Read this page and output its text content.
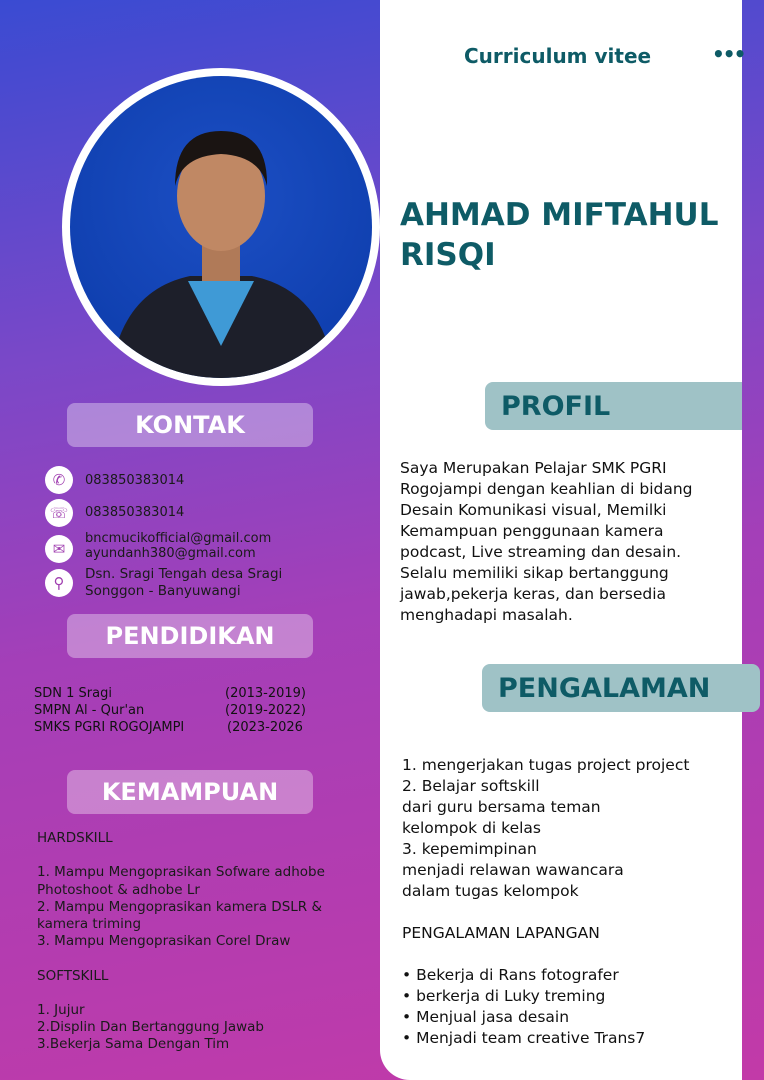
Curriculum vitee	•••
AHMAD MIFTAHUL RISQI
PROFIL
Saya Merupakan Pelajar SMK PGRI Rogojampi dengan keahlian di bidang Desain Komunikasi visual, Memilki Kemampuan penggunaan kamera podcast, Live streaming dan desain. Selalu memiliki sikap bertanggung jawab,pekerja keras, dan bersedia menghadapi masalah.
PENGALAMAN
1. mengerjakan tugas project project
2. Belajar softskill
dari guru bersama teman
kelompok di kelas
3. kepemimpinan
menjadi relawan wawancara
dalam tugas kelompok

PENGALAMAN LAPANGAN

• Bekerja di Rans fotografer
• berkerja di Luky treming
• Menjual jasa desain
• Menjadi team creative Trans7
KONTAK
✆	083850383014
☏	083850383014
✉
bncmucikofficial@gmail.com
ayundanh380@gmail.com
⚲	Dsn. Sragi Tengah desa Sragi
Songgon - Banyuwangi
PENDIDIKAN
SDN 1 Sragi	(2013-2019)
SMPN Al - Qur'an	(2019-2022)
SMKS PGRI ROGOJAMPI	(2023-2026
KEMAMPUAN
HARDSKILL

1. Mampu Mengoprasikan Sofware adhobe Photoshoot & adhobe Lr
2. Mampu Mengoprasikan kamera DSLR & kamera triming
3. Mampu Mengoprasikan Corel Draw

SOFTSKILL

1. Jujur
2.Displin Dan Bertanggung Jawab
3.Bekerja Sama Dengan Tim
